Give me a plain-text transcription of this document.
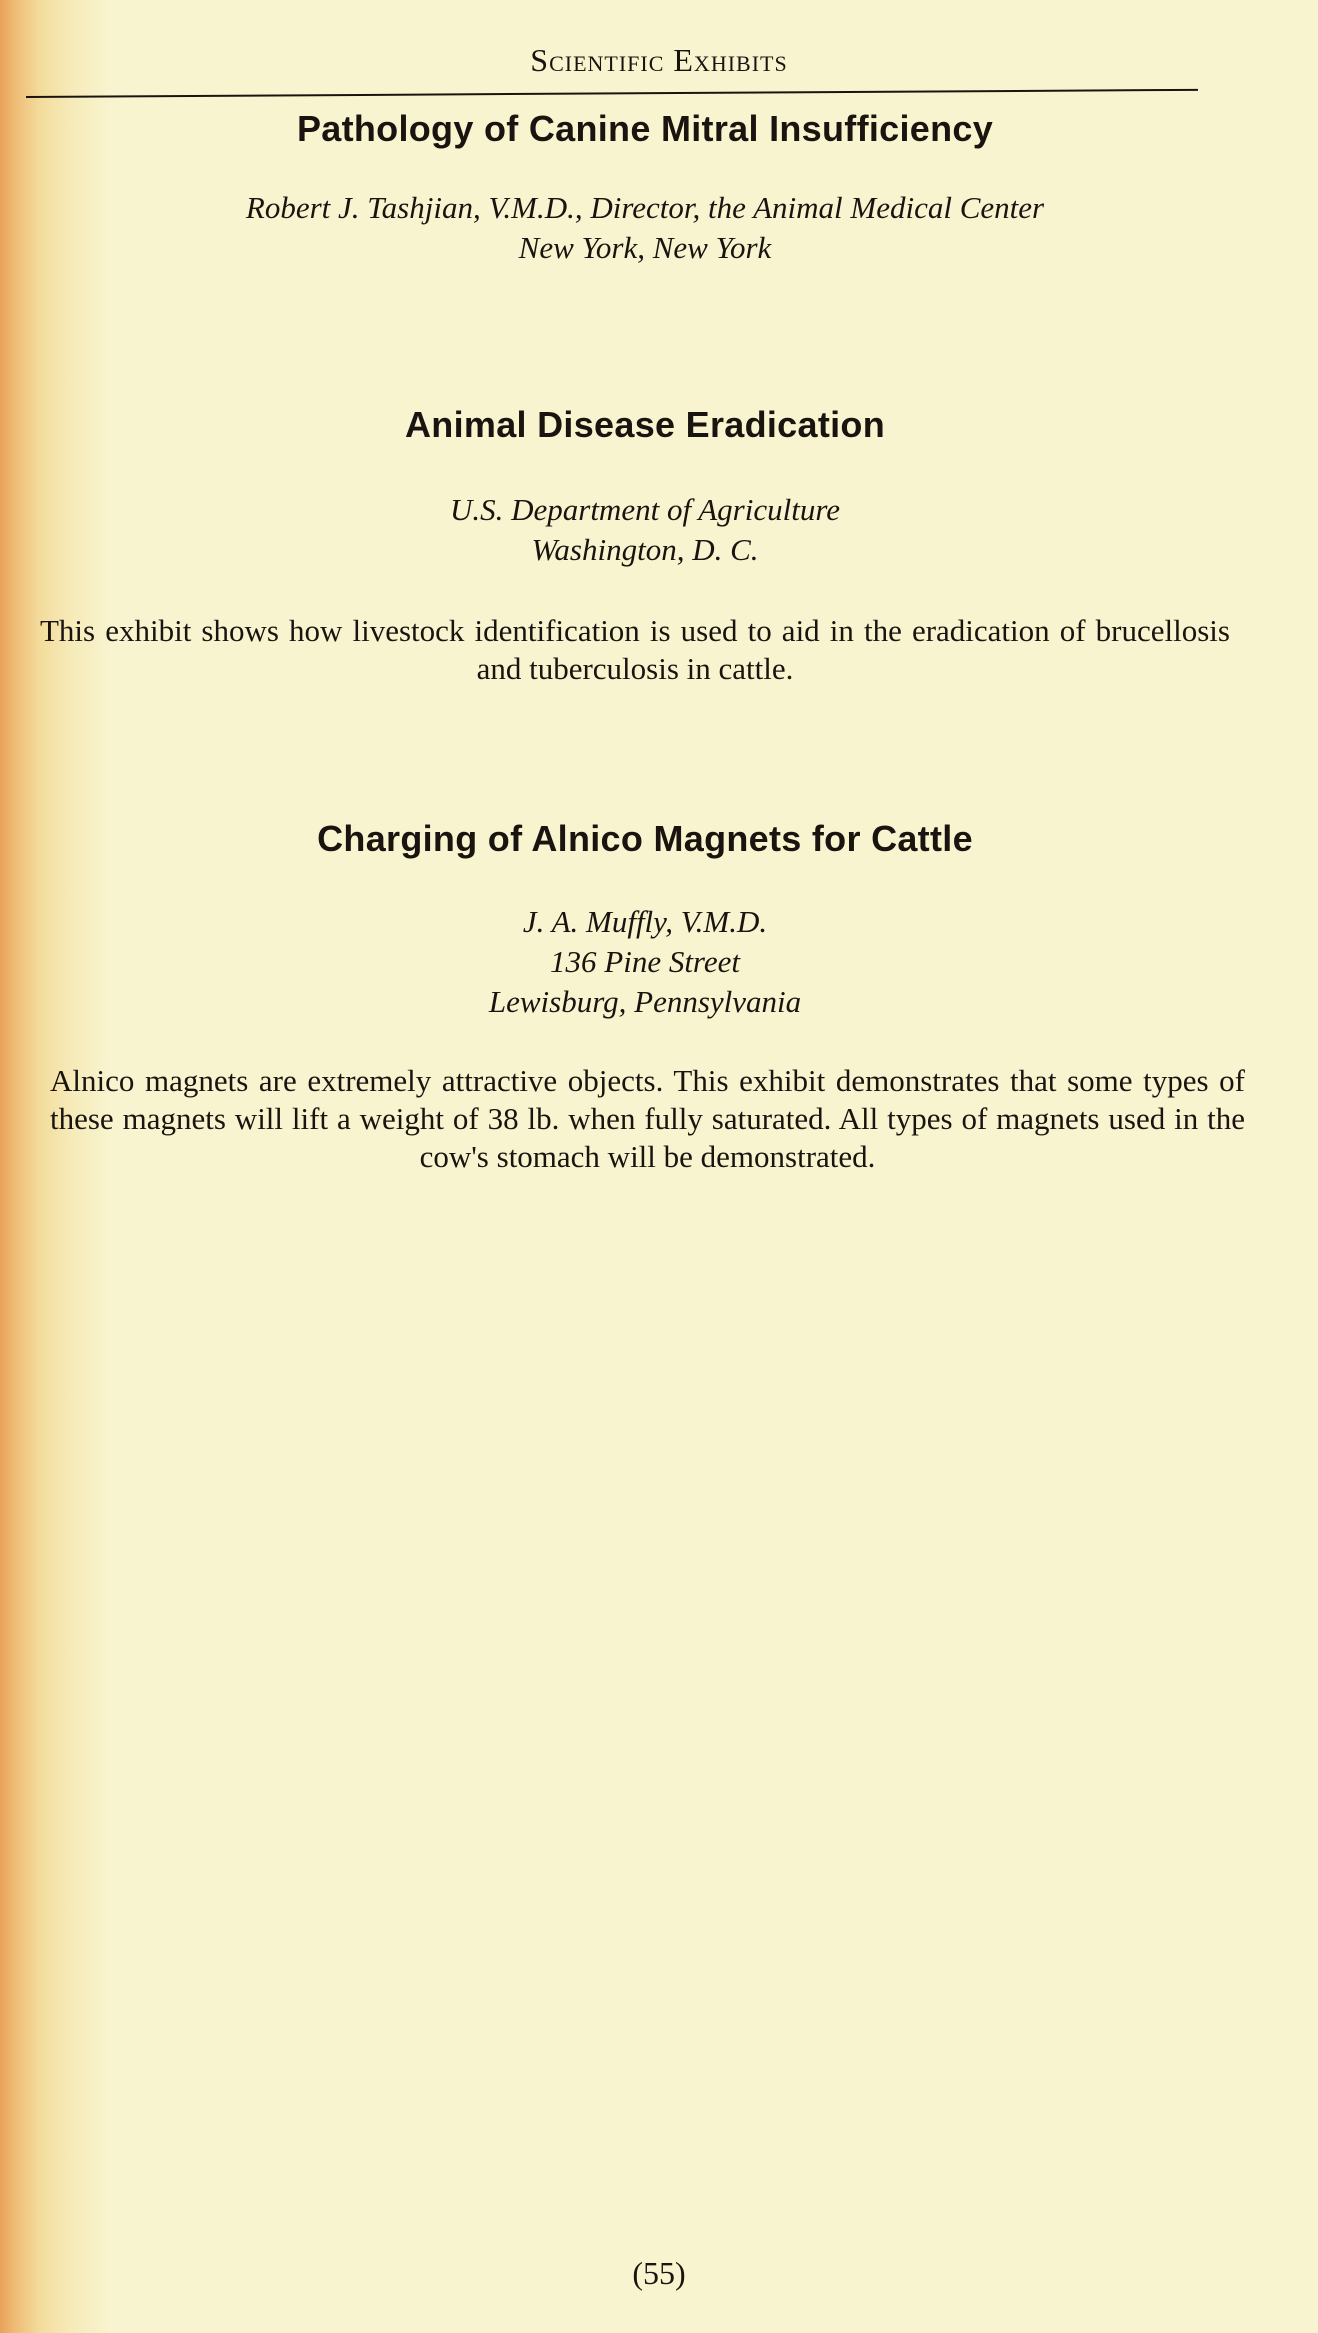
Scientific Exhibits
Pathology of Canine Mitral Insufficiency

Robert J. Tashjian, V.M.D., Director, the Animal Medical Center

New York, New York

Animal Disease Eradication

U.S. Department of Agriculture

Washington, D. C.

This exhibit shows how livestock identification is used to aid in the eradication of brucellosis and tuberculosis in cattle.

Charging of Alnico Magnets for Cattle

J. A. Muffly, V.M.D.

136 Pine Street

Lewisburg, Pennsylvania

Alnico magnets are extremely attractive objects. This exhibit demonstrates that some types of these magnets will lift a weight of 38 lb. when fully saturated. All types of magnets used in the cow's stomach will be demonstrated.

(55)
